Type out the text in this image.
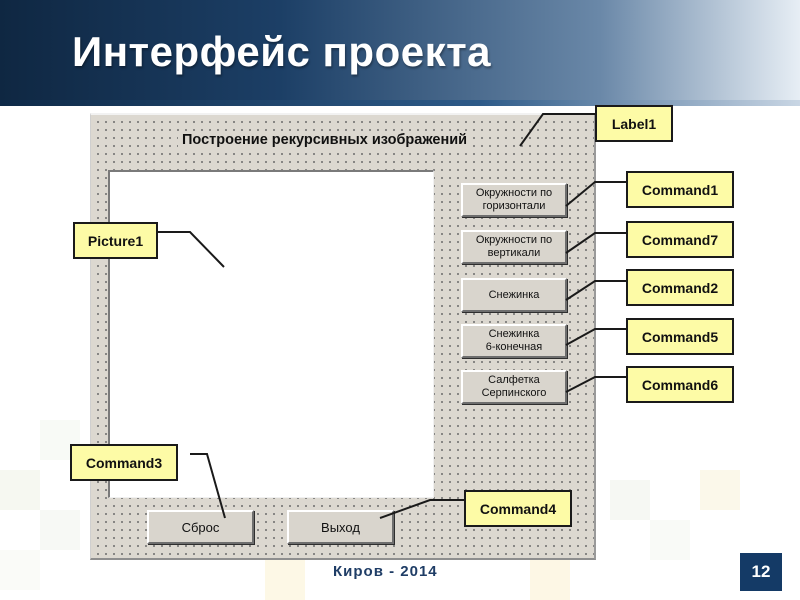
Интерфейс проекта
Построение рекурсивных изображений
Окружности по
горизонтали
Окружности по
вертикали
Снежинка
Снежинка
6-конечная
Салфетка
Серпинского
Сброс	Выход
Label1
Picture1
Command1
Command7
Command2
Command5
Command6
Command3
Command4
Киров - 2014	12
